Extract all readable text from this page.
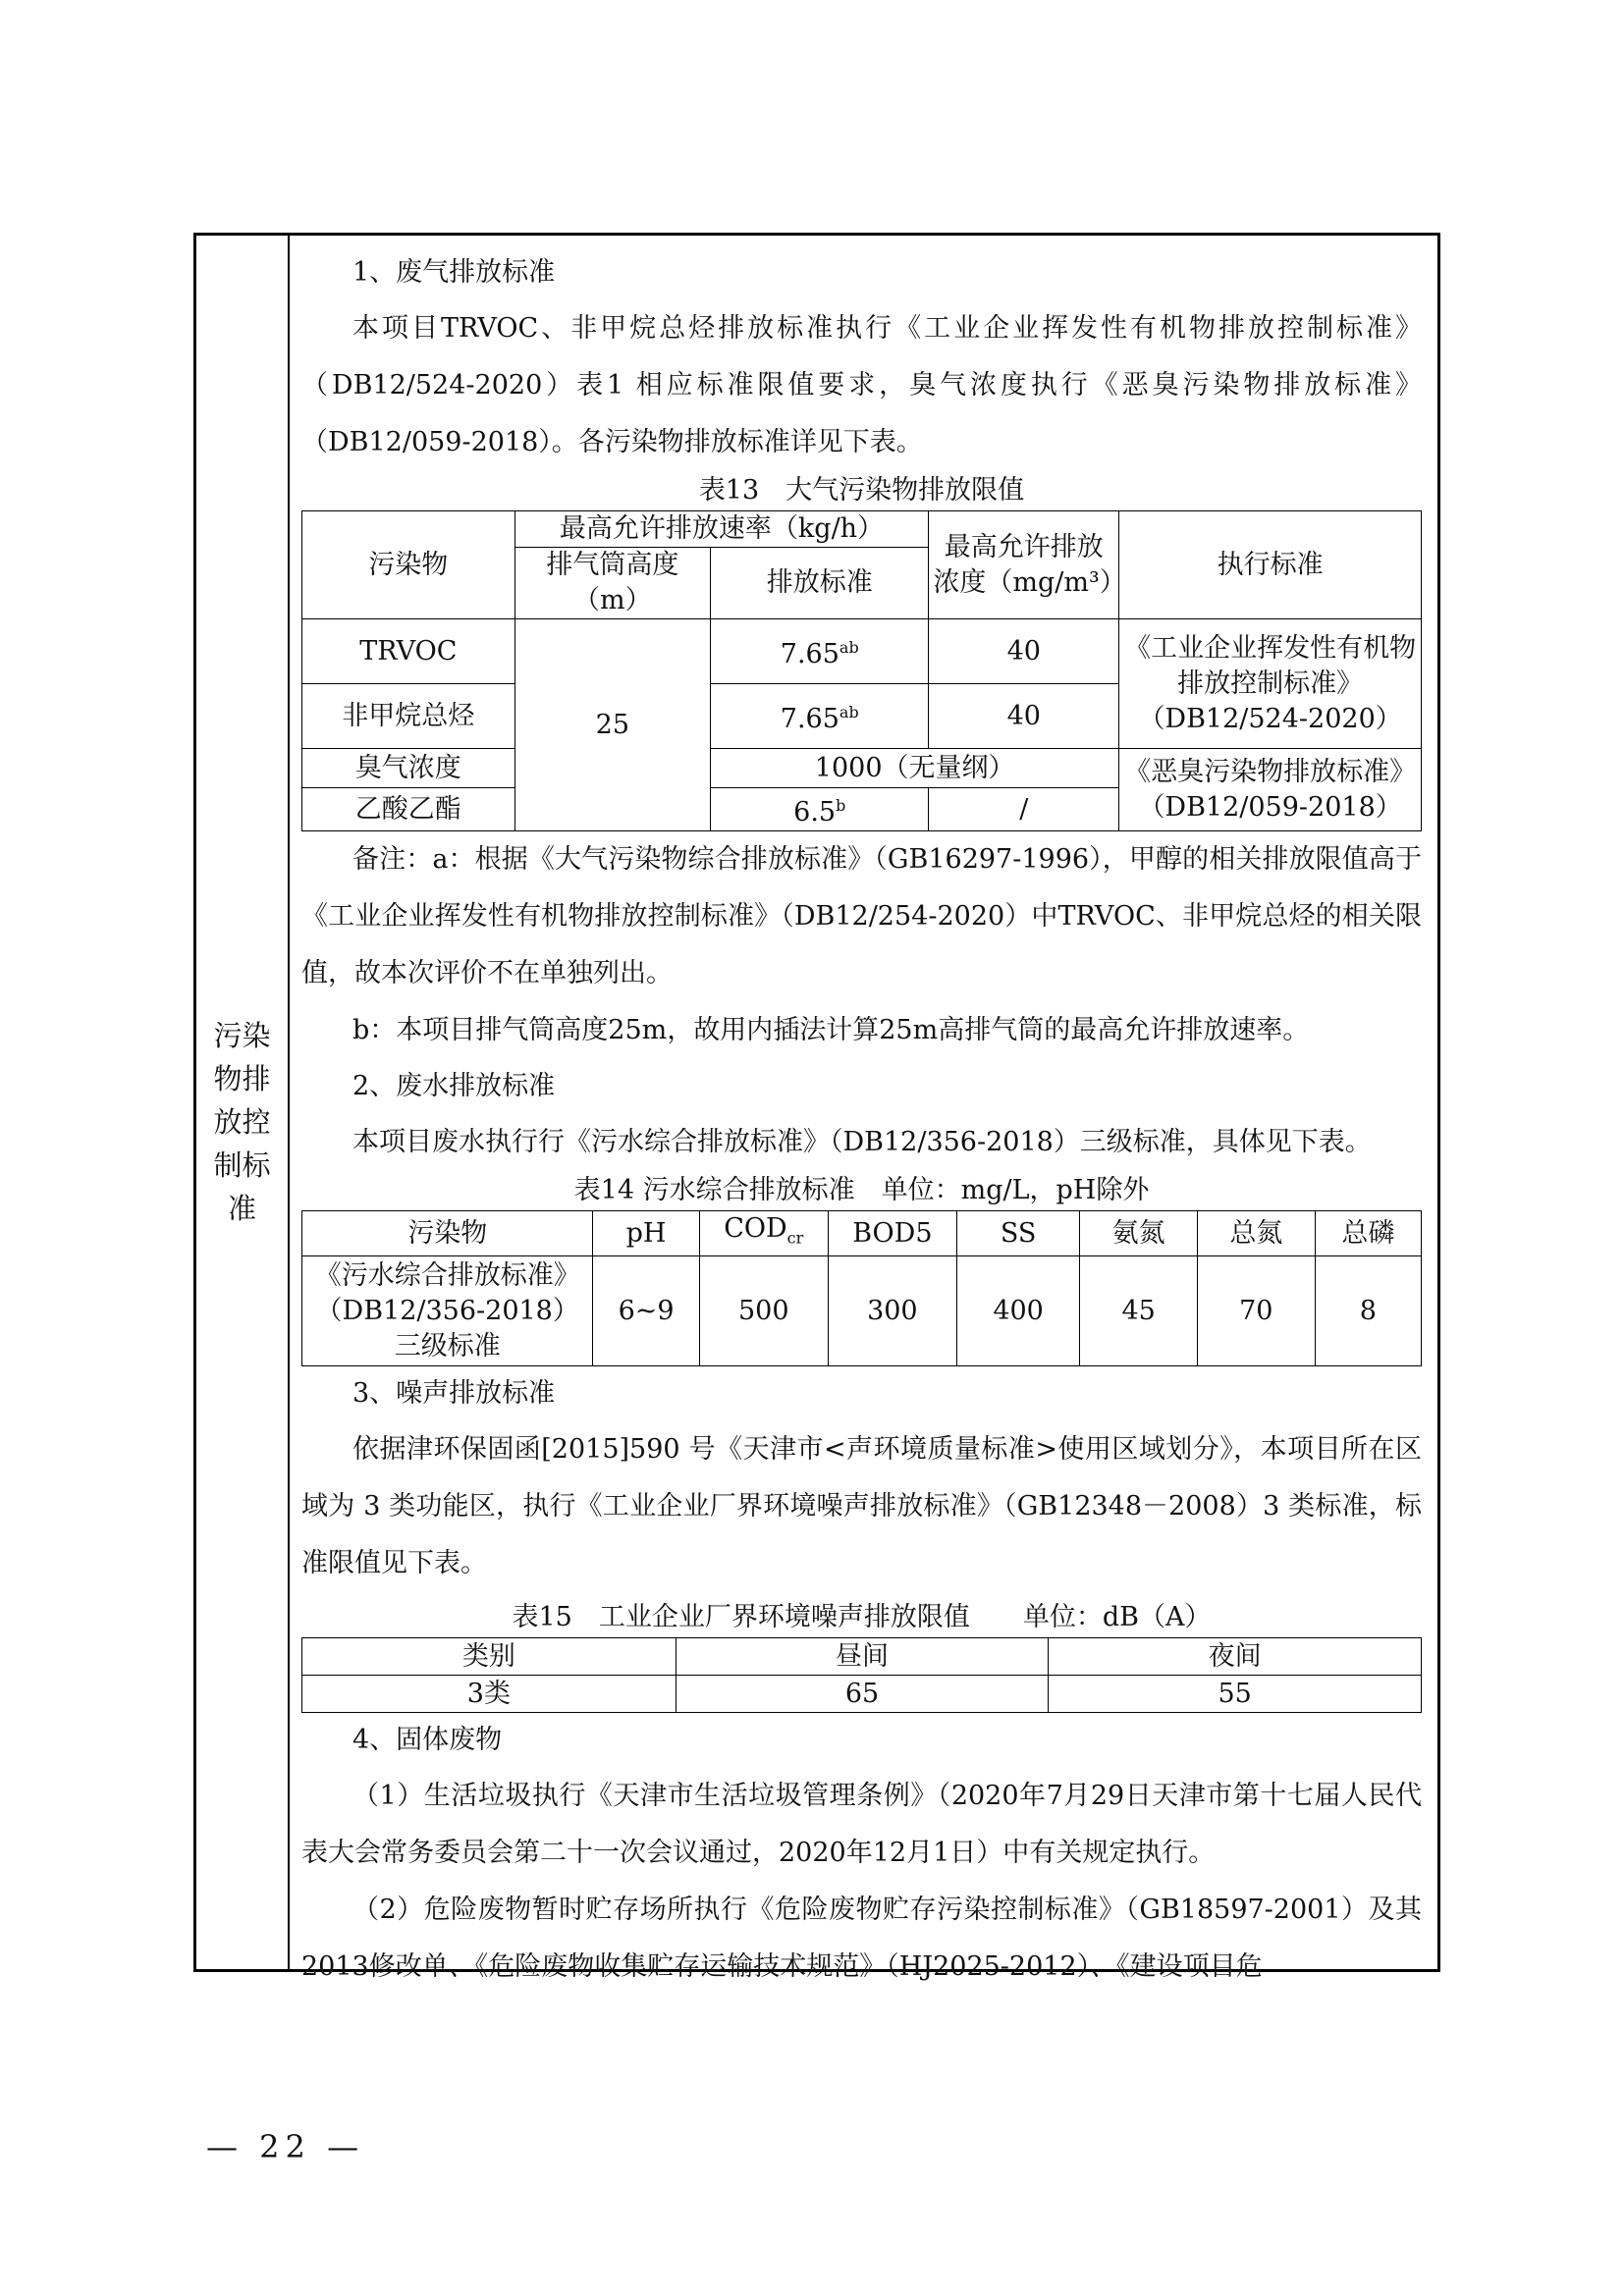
污染物排放控制标准

1、废气排放标准

本项目TRVOC、非甲烷总烃排放标准执行《工业企业挥发性有机物排放控制标准》（DB12/524-2020）表1 相应标准限值要求，臭气浓度执行《恶臭污染物排放标准》（DB12/059-2018）。各污染物排放标准详见下表。

表13　大气污染物排放限值

污染物	最高允许排放速率（kg/h）		最高允许排放浓度（mg/m³）	执行标准
	排气筒高度（m）	排放标准		
TRVOC	25	7.65$^{ab}$	40	《工业企业挥发性有机物排放控制标准》（DB12/524-2020）
非甲烷总烃		7.65$^{ab}$	40	
臭气浓度		1000（无量纲）		《恶臭污染物排放标准》（DB12/059-2018）
乙酸乙酯		6.5$^b$	/	

备注：a：根据《大气污染物综合排放标准》（GB16297-1996），甲醇的相关排放限值高于《工业企业挥发性有机物排放控制标准》（DB12/254-2020）中TRVOC、非甲烷总烃的相关限值，故本次评价不在单独列出。

b：本项目排气筒高度25m，故用内插法计算25m高排气筒的最高允许排放速率。

2、废水排放标准

本项目废水执行行《污水综合排放标准》（DB12/356-2018）三级标准，具体见下表。

表14 污水综合排放标准　单位：mg/L，pH除外

污染物	pH	$COD_{cr}$	BOD5	SS	氨氮	总氮	总磷
《污水综合排放标准》（DB12/356-2018）三级标准	6~9	500	300	400	45	70	8

3、噪声排放标准

依据津环保固函[2015]590 号《天津市<声环境质量标准>使用区域划分》，本项目所在区域为 3 类功能区，执行《工业企业厂界环境噪声排放标准》（GB12348－2008）3 类标准，标准限值见下表。

表15　工业企业厂界环境噪声排放限值　　单位：dB（A）

类别	昼间	夜间
3类	65	55

4、固体废物

（1）生活垃圾执行《天津市生活垃圾管理条例》（2020年7月29日天津市第十七届人民代表大会常务委员会第二十一次会议通过，2020年12月1日）中有关规定执行。

（2）危险废物暂时贮存场所执行《危险废物贮存污染控制标准》（GB18597-2001）及其2013修改单、《危险废物收集贮存运输技术规范》（HJ2025-2012）、《建设项目危

— 22 —
